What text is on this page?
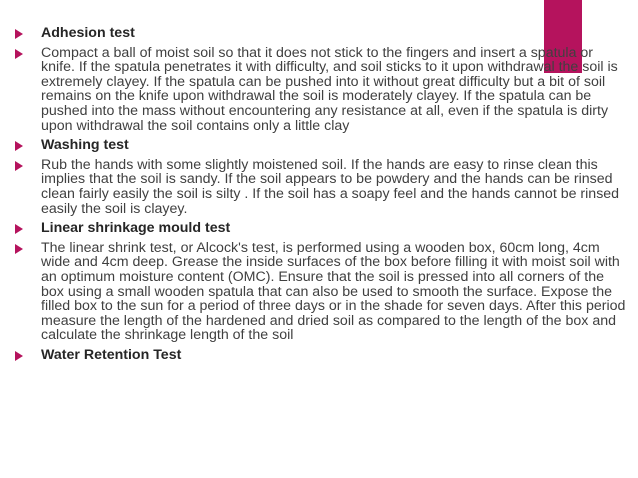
Adhesion test
Compact a ball of moist soil so that it does not stick to the fingers and insert a spatula or knife. If the spatula penetrates it with difficulty, and soil sticks to it upon withdrawal the soil is extremely clayey. If the spatula can be pushed into it without great difficulty but a bit of soil remains on the knife upon withdrawal the soil is moderately clayey. If the spatula can be pushed into the mass without encountering any resistance at all, even if the spatula is dirty upon withdrawal the soil contains only a little clay
Washing test
Rub the hands with some slightly moistened soil. If the hands are easy to rinse clean this implies that the soil is sandy. If the soil appears to be powdery and the hands can be rinsed clean fairly easily the soil is silty . If the soil has a soapy feel and the hands cannot be rinsed easily the soil is clayey.
Linear shrinkage mould test
The linear shrink test, or Alcock's test, is performed using a wooden box, 60cm long, 4cm wide and 4cm deep. Grease the inside surfaces of the box before filling it with moist soil with an optimum moisture content (OMC). Ensure that the soil is pressed into all corners of the box using a small wooden spatula that can also be used to smooth the surface. Expose the filled box to the sun for a period of three days or in the shade for seven days. After this period measure the length of the hardened and dried soil as compared to the length of the box and calculate the shrinkage length of the soil
Water Retention Test
